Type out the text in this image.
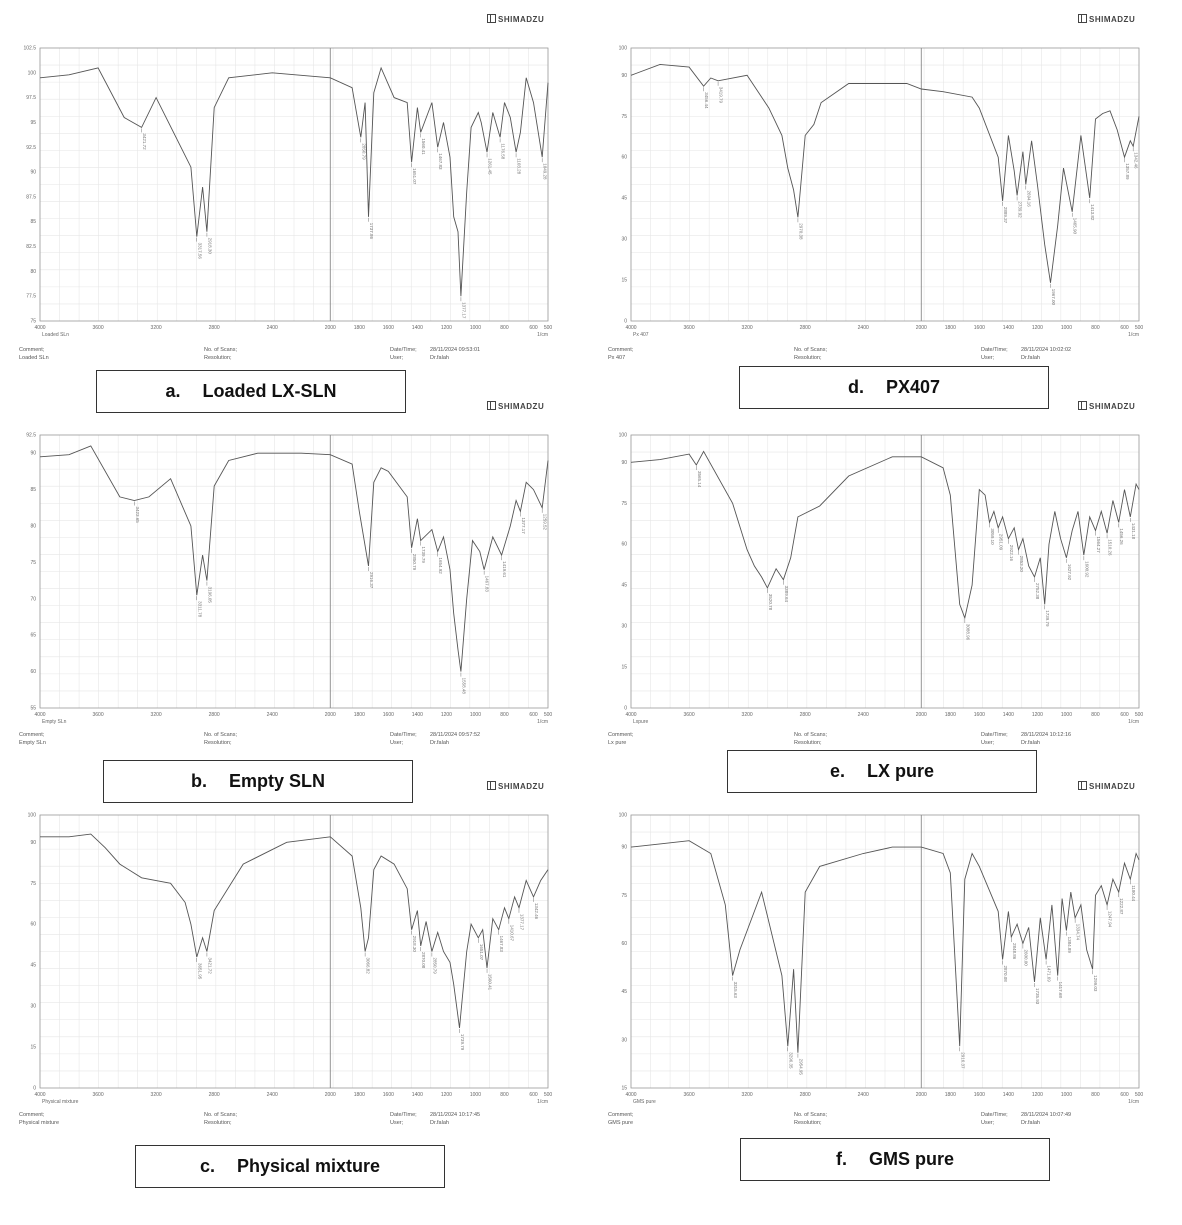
SHIMADZU
75
77.5
80
82.5
85
87.5
90
92.5
95
97.5
100
102.5
4000	3600	3200	2800	2400	2000	1800	1600	1400	1200	1000	800	600 500
1/cm
Loaded SLn
3421.72
3317.56 2918.30
2850.79
1737.86
1651.07
1560.41
1467.83
1377.17
1261.45
1176.58
1103.28	1049.28
Comment;
Loaded SLn
No. of Scans;
Resolution;
Date/Time; 28/11/2024 09:53:01
User;	Dr.falah
a. Loaded LX-SLN
SHIMADZU
55
60
65
70
75
80
85
90
92.5
4000	3600	3200	2800	2400	2000	1800	1600	1400	1200	1000	800	600 500
1/cm
Empty SLn
3423.65
3311.78
3196.05
2916.37
2850.79 1739.79
1654.92
1558.48
1467.83
1419.61
1377.17	1259.52
Comment;
Empty SLn
No. of Scans;
Resolution;
Date/Time; 28/11/2024 09:57:52
User;	Dr.falah
b. Empty SLN	SHIMADZU
0
15
30
45
60
75
90
100
4000	3600	3200	2800	2400	2000	1800	1600	1400	1200	1000	800	600 500
1/cm
Physical mixture
3651.95 3421.72	3066.82
2918.30
2870.08 2850.79
1739.79
1651.07
1560.41
1467.83
1410.67
1377.17
1342.46
Comment;
Physical mixture
No. of Scans;
Resolution;
Date/Time; 28/11/2024 10:17:45
User;	Dr.falah
c. Physical mixture
SHIMADZU
0
15
30
45
60
75
90
100
4000	3600	3200	2800	2400	2000	1800	1600	1400	1200	1000	800	600 500
1/cm
Px 407
3456.44 3419.79
2970.38
2889.37 2739.92
2694.16
1967.00
1465.90
1413.82
1357.89
1342.46
Comment;
Px 407
No. of Scans;
Resolution;
Date/Time; 28/11/2024 10:02:02
User;	Dr.falah
d. PX407
SHIMADZU
0
15
30
45
60
75
90
100
4000	3600	3200	2800	2400	2000	1800	1600	1400	1200	1000	800	600 500
1/cm
Lxpure
3565.14
3520.78
3389.64
3088.96
3059.10 2951.09
2922.16
2853.20
2752.38
1739.79
1627.92	1600.92
1564.27 1510.26
1456.26 1431.18
Comment;
Lx pure
No. of Scans;
Resolution;
Date/Time; 28/11/2024 10:12:16
User;	Dr.falah
e. LX pure
SHIMADZU
15
30
45
60
75
90
100
4000	3600	3200	2800	2400	2000	1800	1600	1400	1200	1000	800	600 500
1/cm
GMS pure
3315.63
3296.35 2954.95	2916.37
2870.08
2848.86 2600.00
1735.93
1471.69
1417.68
1384.89
1334.74
1299.03
1247.94
1222.87
1180.44
Comment;
GMS pure
No. of Scans;
Resolution;
Date/Time; 28/11/2024 10:07:49
User;	Dr.falah
f. GMS pure
